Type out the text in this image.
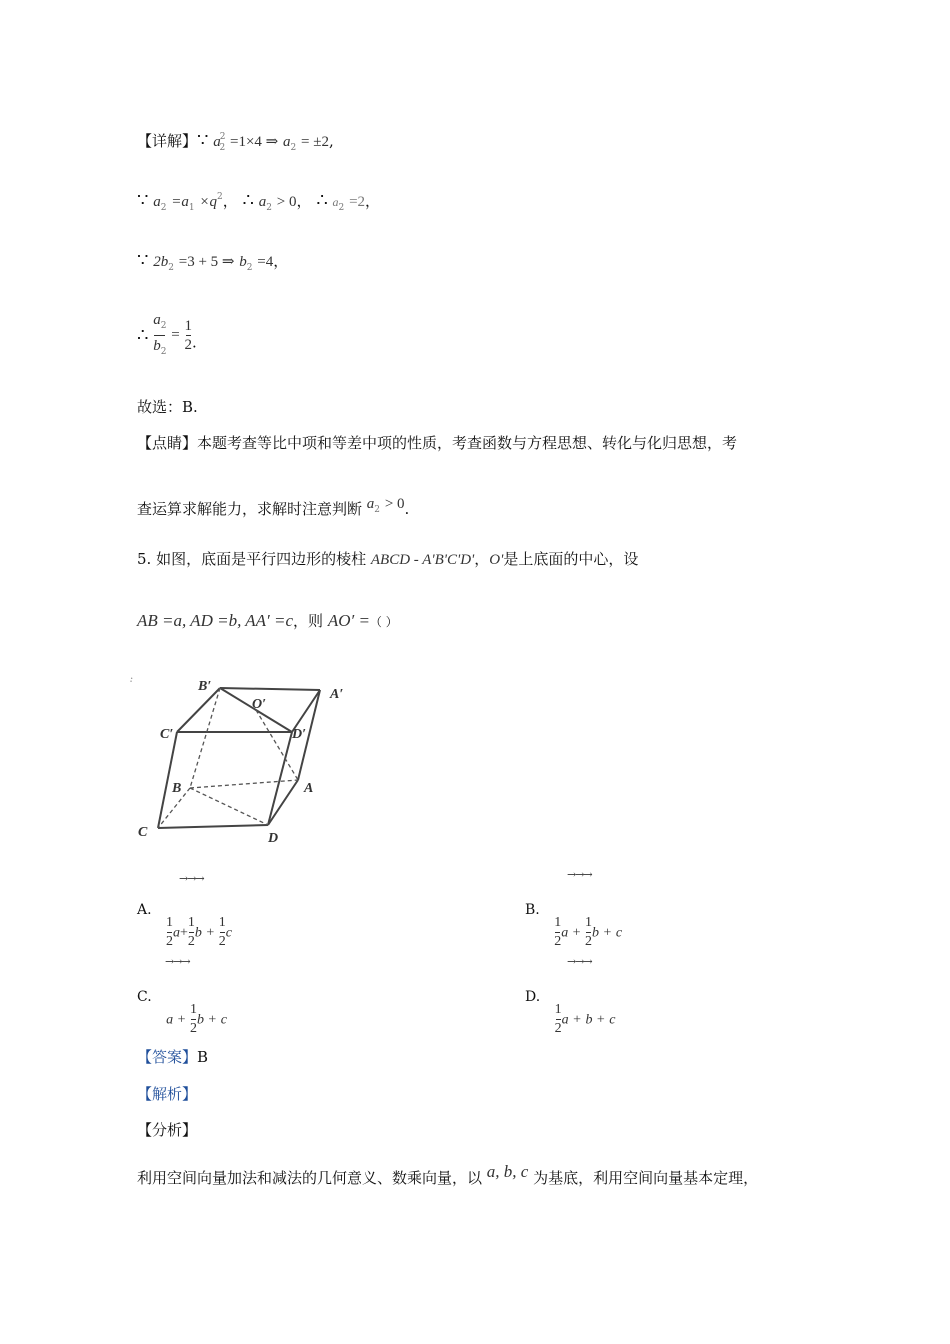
【详解】∵ $a^2_2 =1\times 4$ ⇒ $a_2 = \pm 2$,
∵ $a_2 =a_1 \times q^2$， ∴ $a_2 > 0$， ∴ $a_2 =2$，
∵ $2b_2 =3 + 5$ ⇒ $b_2 =4$，
∴ $\frac{a_2}{b_2} = \frac{1}{2}$ .
故选：B.
【点睛】本题考查等比中项和等差中项的性质，考查函数与方程思想、转化与化归思想，考
查运算求解能力，求解时注意判断 $a_2 > 0$.
5. 如图，底面是平行四边形的棱柱 ABCD - A'B'C'D'，O'是上底面的中心，设
AB =a, AD =b, AA′ =c，则 AO′ =（ ）
:	B′
A′
O′
C′	D′
B	A
C	D
→→→
A.
$\frac{1}{2} a+ \frac{1}{2}$ $b + \frac{1}{2}$ c
→→→
B.
$\frac{1}{2}$ $a + \frac{1}{2}$ b + c
→→→
C. $a + \frac{1}{2}$ b + c
→→→
D.
$\frac{1}{2}$ a + b + c
【答案】B
【解析】
【分析】
利用空间向量加法和减法的几何意义、数乘向量，以 a, b, c 为基底，利用空间向量基本定理，
